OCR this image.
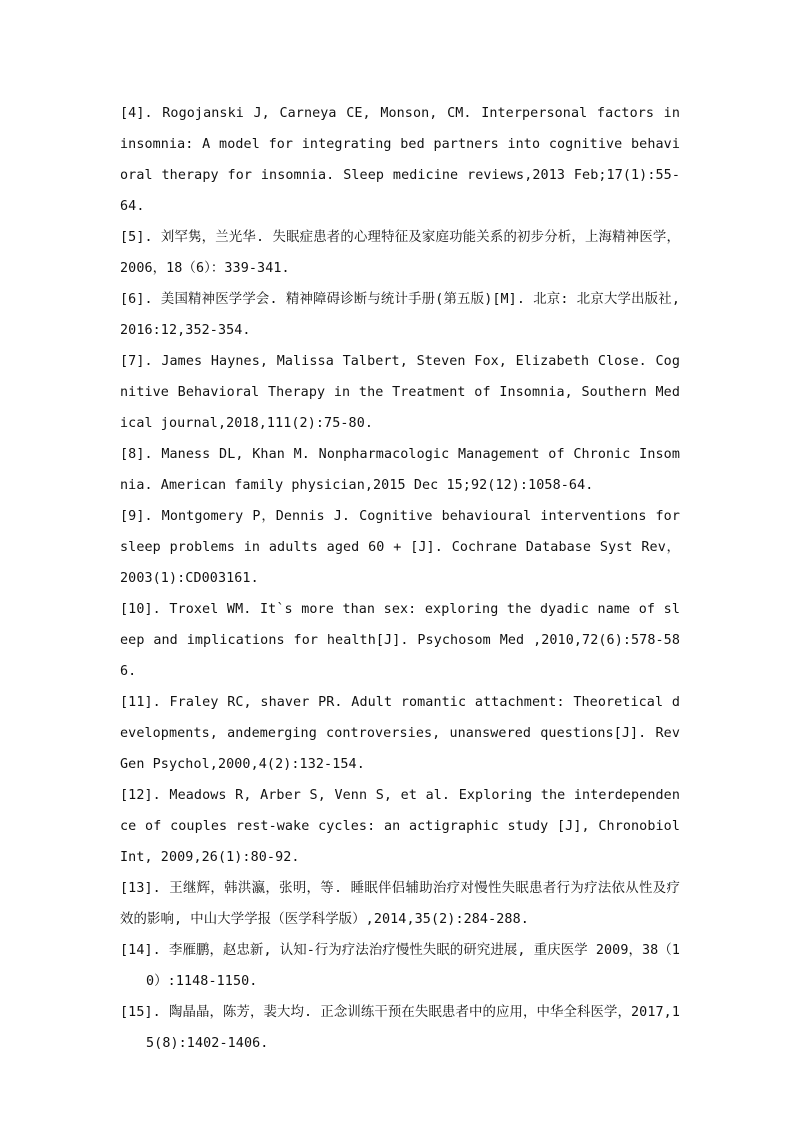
[4]. Rogojanski J, Carneya CE, Monson, CM. Interpersonal factors in insomnia: A model for integrating bed partners into cognitive behavioral therapy for insomnia. Sleep medicine reviews,2013 Feb;17(1):55-64.
[5]. 刘罕隽，兰光华. 失眠症患者的心理特征及家庭功能关系的初步分析，上海精神医学，2006，18（6）：339-341.
[6]. 美国精神医学学会. 精神障碍诊断与统计手册(第五版)[M]. 北京: 北京大学出版社,2016:12,352-354.
[7]. James Haynes, Malissa Talbert, Steven Fox, Elizabeth Close. Cognitive Behavioral Therapy in the Treatment of Insomnia, Southern Medical journal,2018,111(2):75-80.
[8]. Maness DL, Khan M. Nonpharmacologic Management of Chronic Insomnia. American family physician,2015 Dec 15;92(12):1058-64.
[9]. Montgomery P，Dennis J. Cognitive behavioural interventions for sleep problems in adults aged 60 + [J]. Cochrane Database Syst Rev，2003(1):CD003161.
[10]. Troxel WM. It`s more than sex: exploring the dyadic name of sleep and implications for health[J]. Psychosom Med ,2010,72(6):578-586.
[11]. Fraley RC, shaver PR. Adult romantic attachment: Theoretical developments, andemerging controversies, unanswered questions[J]. Rev Gen Psychol,2000,4(2):132-154.
[12]. Meadows R, Arber S, Venn S, et al. Exploring the interdependence of couples rest-wake cycles: an actigraphic study [J], Chronobiol Int, 2009,26(1):80-92.
[13]. 王继辉，韩洪瀛，张明，等. 睡眠伴侣辅助治疗对慢性失眠患者行为疗法依从性及疗效的影响, 中山大学学报（医学科学版）,2014,35(2):284-288.
[14]. 李雁鹏，赵忠新, 认知-行为疗法治疗慢性失眠的研究进展, 重庆医学 2009，38（10）:1148-1150.
[15]. 陶晶晶，陈芳，裴大均. 正念训练干预在失眠患者中的应用，中华全科医学，2017,15(8):1402-1406.
